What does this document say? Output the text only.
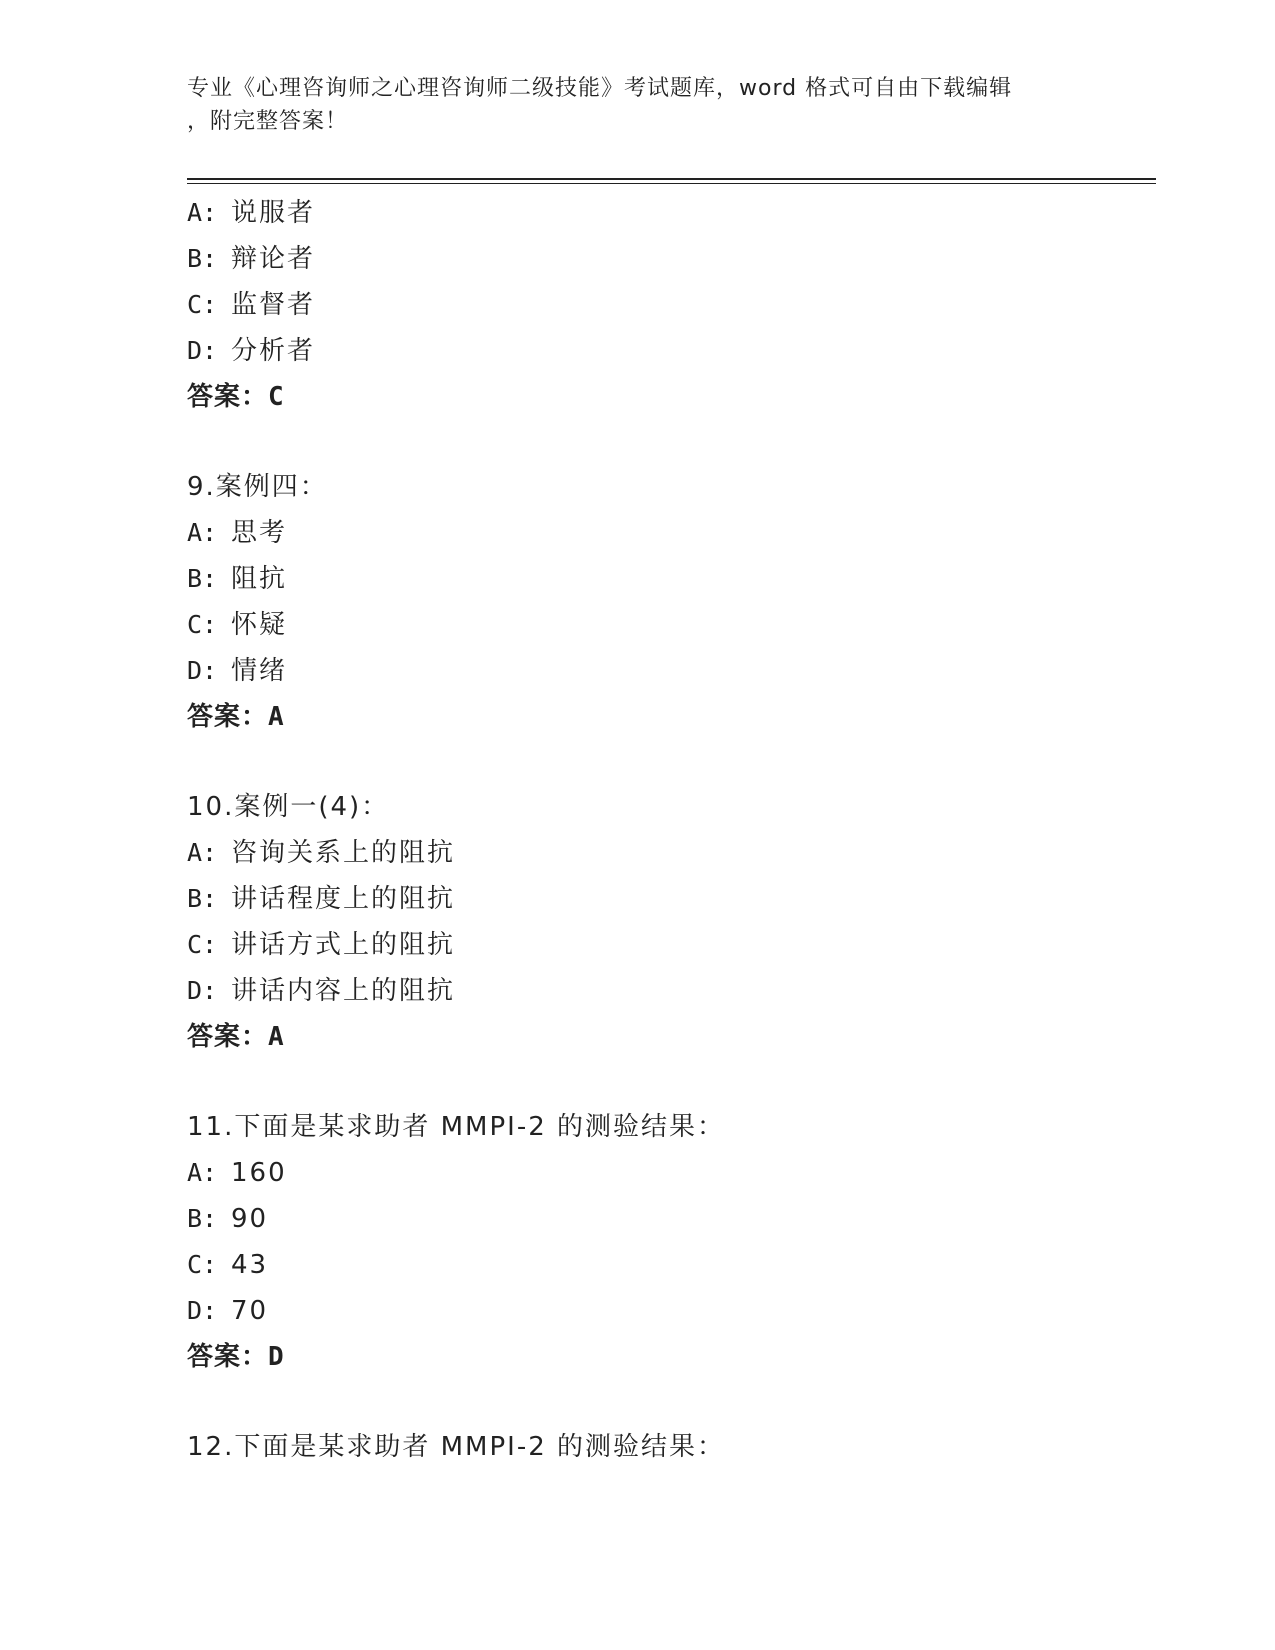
专业《心理咨询师之心理咨询师二级技能》考试题库，word 格式可自由下载编辑
，附完整答案！
A: 说服者
B: 辩论者
C: 监督者
D: 分析者
答案：C
9.案例四：
A: 思考
B: 阻抗
C: 怀疑
D: 情绪
答案：A
10.案例一(4)：
A: 咨询关系上的阻抗
B: 讲话程度上的阻抗
C: 讲话方式上的阻抗
D: 讲话内容上的阻抗
答案：A
11.下面是某求助者 MMPI-2 的测验结果：
A: 160
B: 90
C: 43
D: 70
答案：D
12.下面是某求助者 MMPI-2 的测验结果：
